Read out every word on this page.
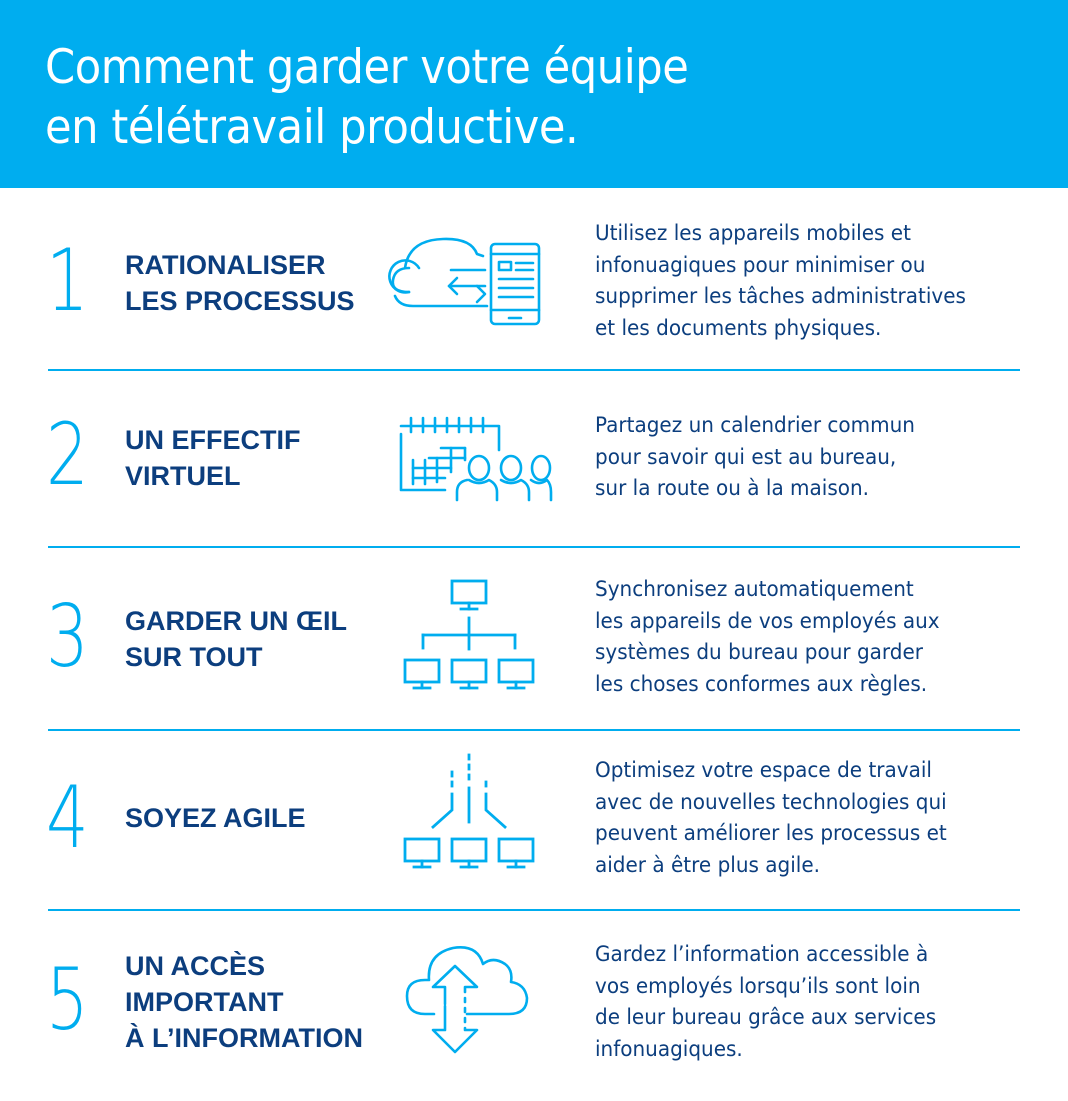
Comment garder votre équipe
en télétravail productive.
1 RATIONALISER
LES PROCESSUS
Utilisez les appareils mobiles et
infonuagiques pour minimiser ou
supprimer les tâches administratives
et les documents physiques.
2 UN EFFECTIF
VIRTUEL
Partagez un calendrier commun
pour savoir qui est au bureau,
sur la route ou à la maison.
3 GARDER UN ŒIL
SUR TOUT
Synchronisez automatiquement
les appareils de vos employés aux
systèmes du bureau pour garder
les choses conformes aux règles.
4 SOYEZ AGILE
Optimisez votre espace de travail
avec de nouvelles technologies qui
peuvent améliorer les processus et
aider à être plus agile.
5 UN ACCÈS
IMPORTANT
À L’INFORMATION
Gardez l’information accessible à
vos employés lorsqu’ils sont loin
de leur bureau grâce aux services
infonuagiques.
